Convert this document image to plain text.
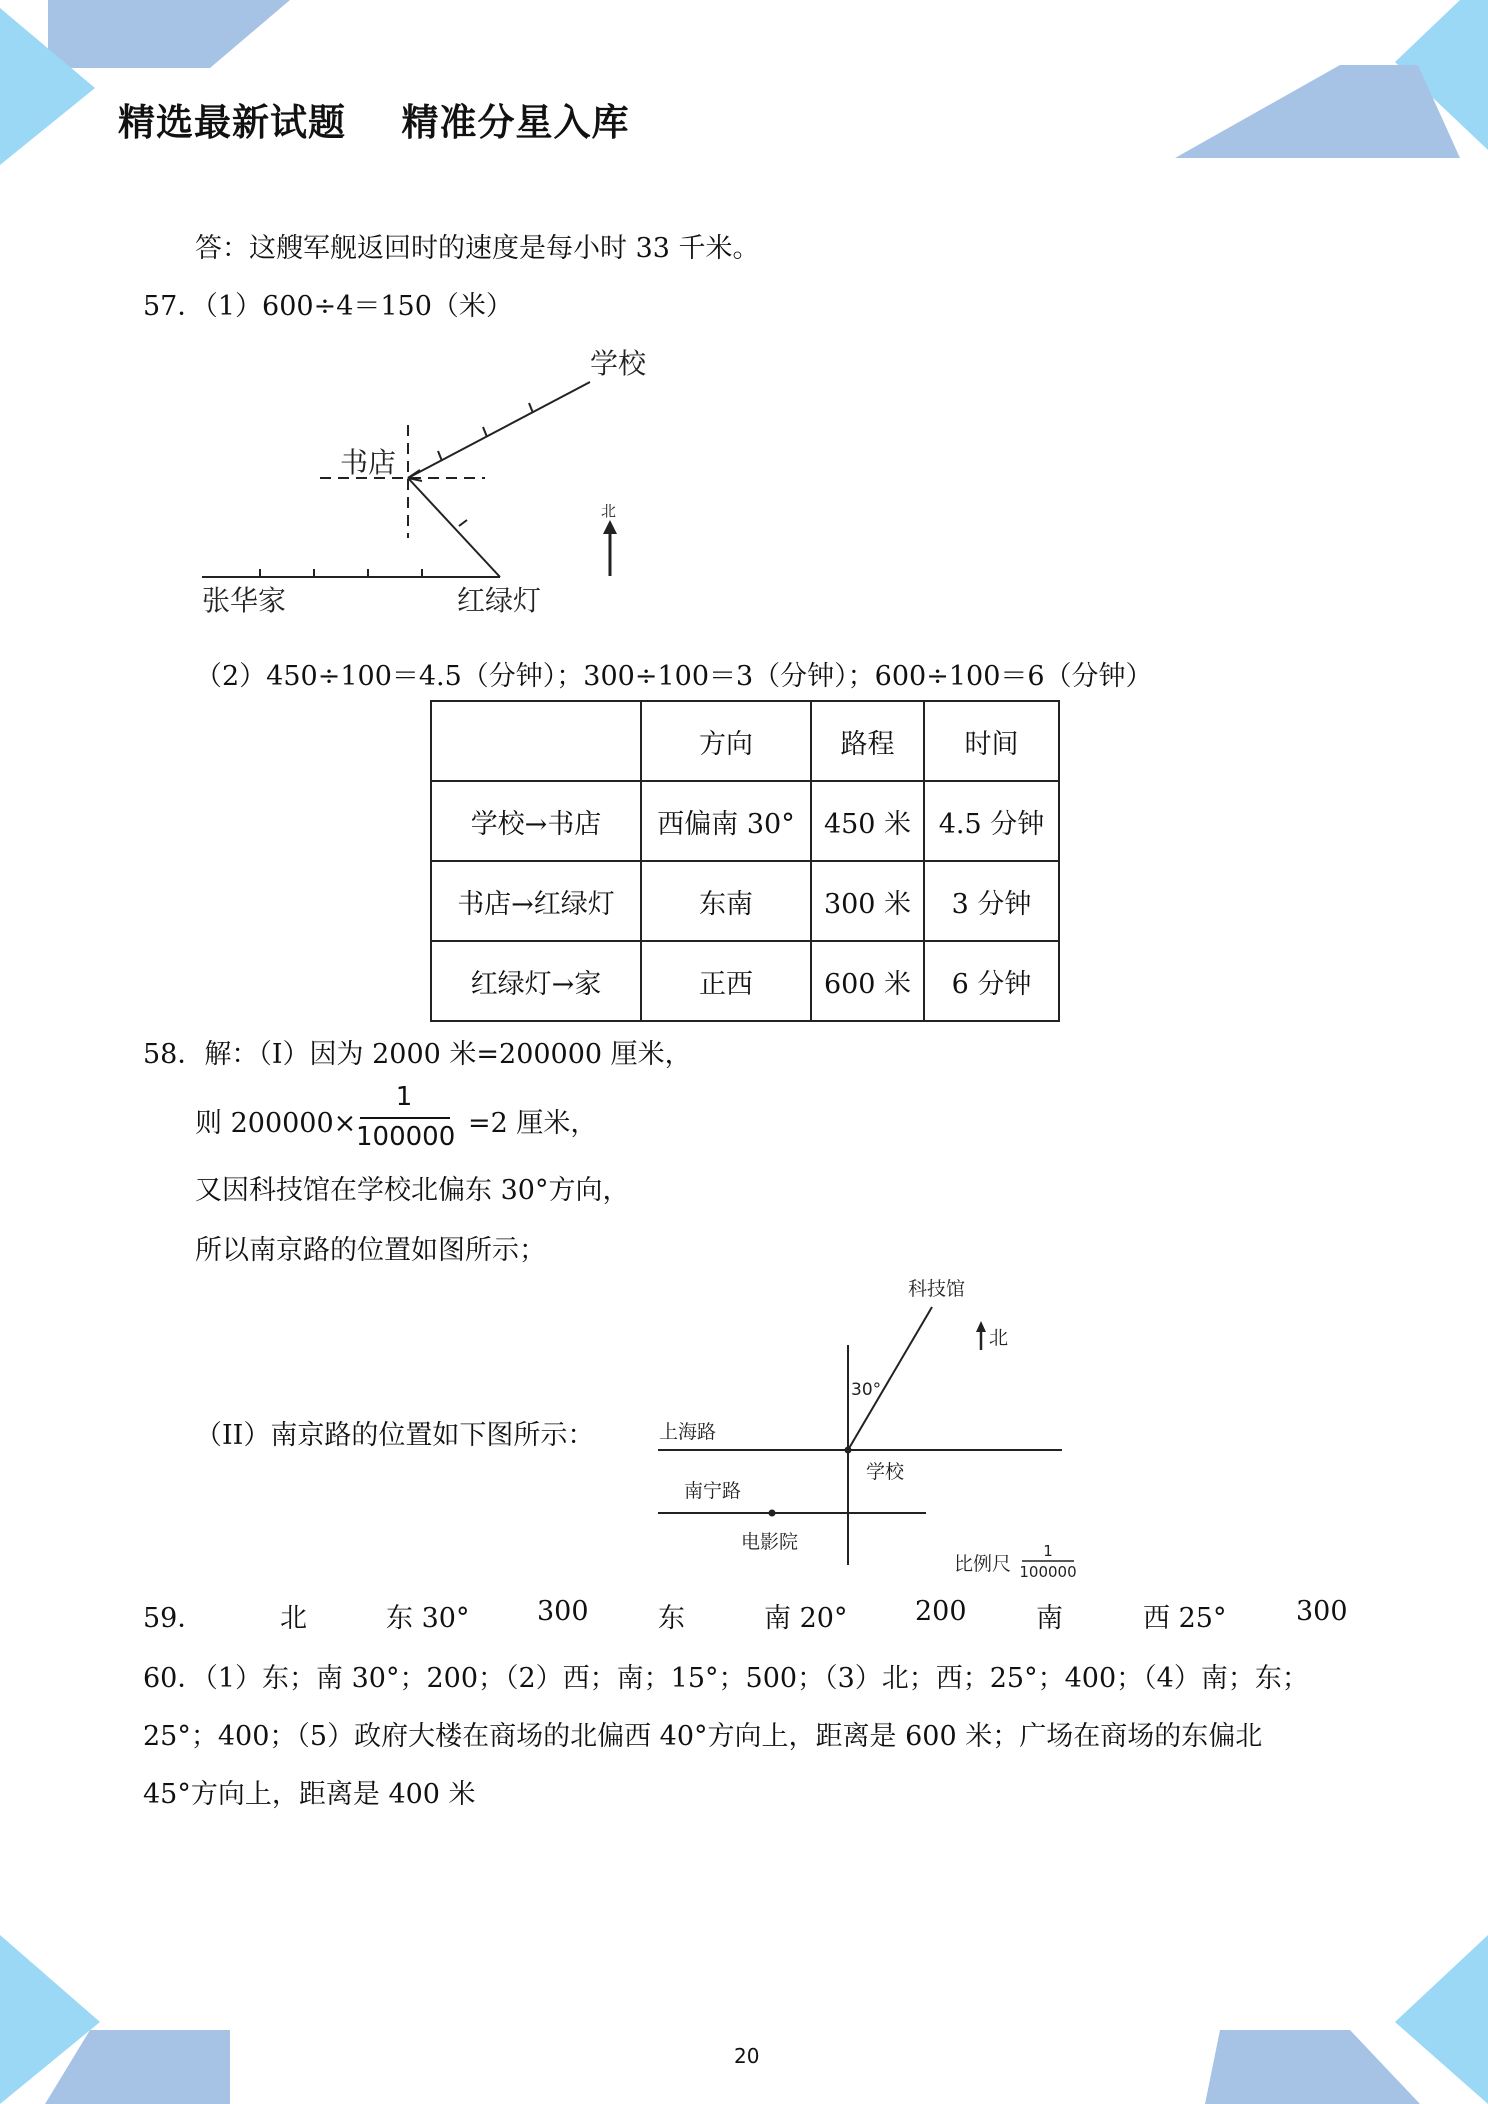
精选最新试题    精准分星入库
答：这艘军舰返回时的速度是每小时 33 千米。
57．（1）600÷4＝150（米）
学校
书店
北
张华家	红绿灯
（2）450÷100＝4.5（分钟）；300÷100＝3（分钟）；600÷100＝6（分钟）
	方向	路程	时间
学校→书店	西偏南 30°	450 米	4.5 分钟
书店→红绿灯	东南	300 米	3 分钟
红绿灯→家	正西	600 米	6 分钟
58．解：（I）因为 2000 米=200000 厘米，
则 200000×
1
100000 =2 厘米，
又因科技馆在学校北偏东 30°方向，
所以南京路的位置如图所示；
（II）南京路的位置如下图所示：
科技馆
北
30°
上海路
学校
南宁路
电影院
比例尺
1
100000
59．	北	东 30°	300	东	南 20°	200	南	西 25°	300
60．（1）东；南 30°；200；（2）西；南；15°；500；（3）北；西；25°；400；（4）南；东；
25°；400；（5）政府大楼在商场的北偏西 40°方向上，距离是 600 米；广场在商场的东偏北
45°方向上，距离是 400 米
20
